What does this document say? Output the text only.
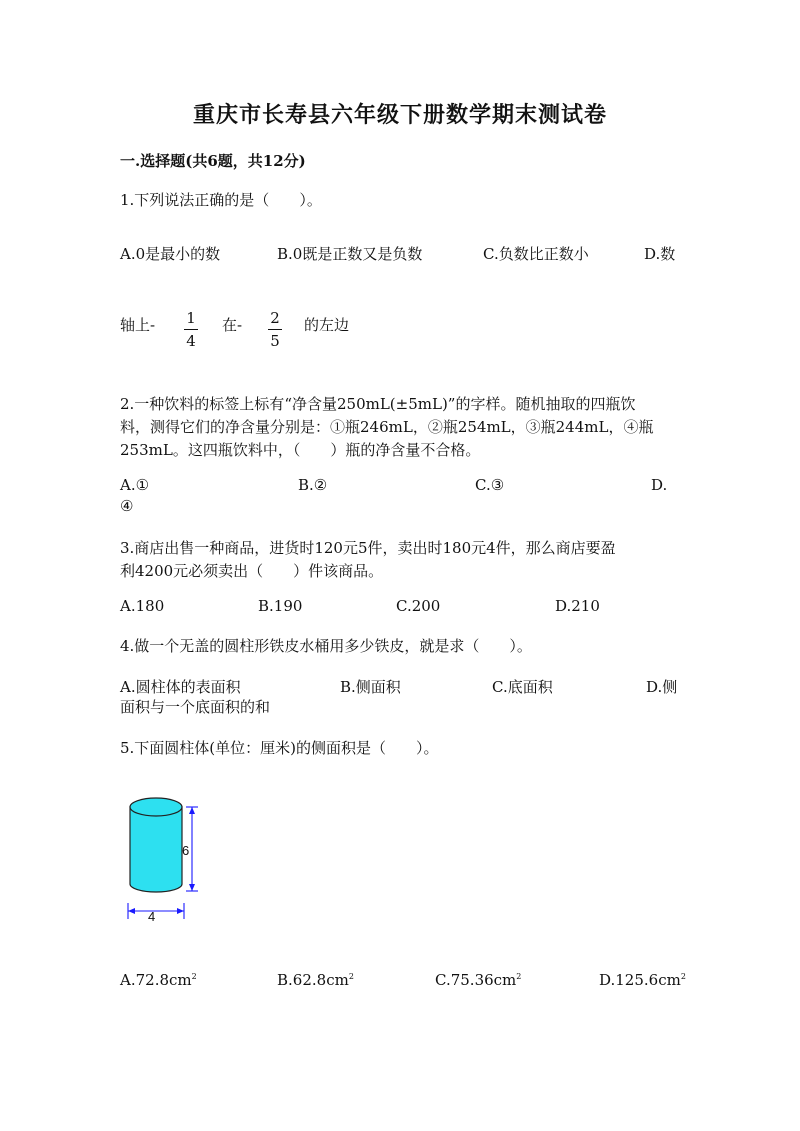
重庆市长寿县六年级下册数学期末测试卷
一.选择题(共6题，共12分)
1.下列说法正确的是（　　）。
A.0是最小的数	B.0既是正数又是负数	C.负数比正数小	D.数
轴上- 1
4
在- 2
5
的左边
2.一种饮料的标签上标有“净含量250mL(±5mL)”的字样。随机抽取的四瓶饮
料，测得它们的净含量分别是：①瓶246mL，②瓶254mL，③瓶244mL，④瓶
253mL。这四瓶饮料中，（　　）瓶的净含量不合格。
A.①	B.②	C.③	D.
④
3.商店出售一种商品，进货时120元5件，卖出时180元4件，那么商店要盈
利4200元必须卖出（　　）件该商品。
A.180	B.190	C.200	D.210
4.做一个无盖的圆柱形铁皮水桶用多少铁皮，就是求（　　）。
A.圆柱体的表面积	B.侧面积	C.底面积	D.侧
面积与一个底面积的和
5.下面圆柱体(单位：厘米)的侧面积是（　　）。
6
4
$A.72.8cm^2$	$B.62.8cm^2$	$C.75.36cm^2$	$D.125.6cm^2$
